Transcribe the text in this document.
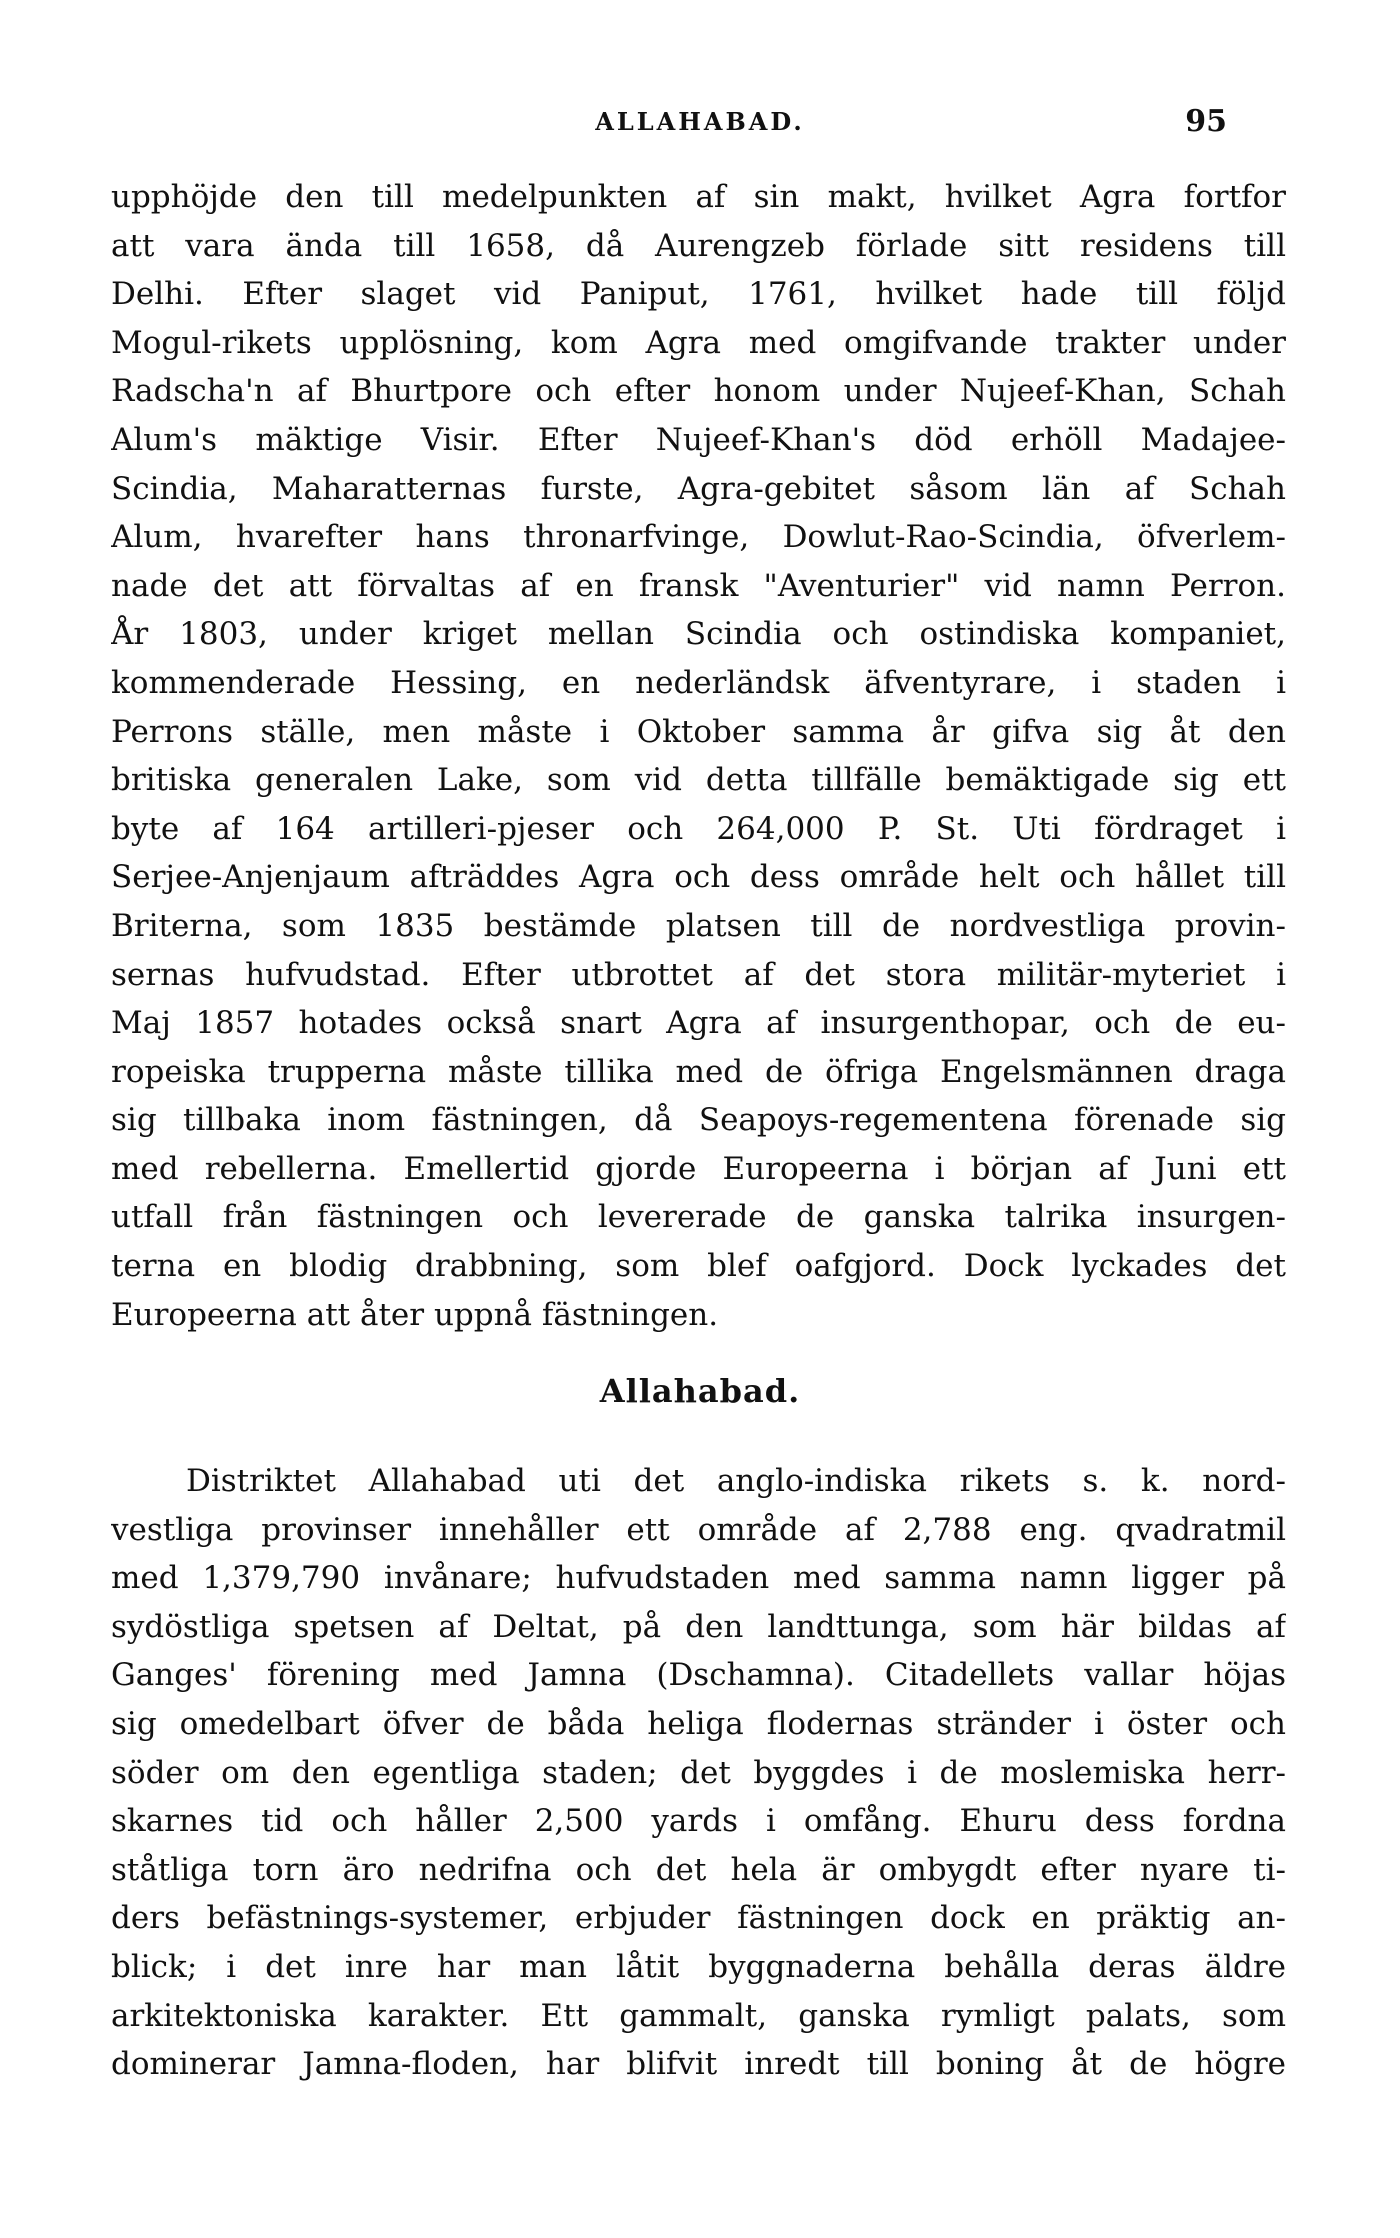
ALLAHABAD.	95
upphöjde den till medelpunkten af sin makt, hvilket Agra fortfor
att vara ända till 1658, då Aurengzeb förlade sitt residens till
Delhi. Efter slaget vid Paniput, 1761, hvilket hade till följd
Mogul-rikets upplösning, kom Agra med omgifvande trakter under
Radscha'n af Bhurtpore och efter honom under Nujeef-Khan, Schah
Alum's mäktige Visir. Efter Nujeef-Khan's död erhöll Madajee-
Scindia, Maharatternas furste, Agra-gebitet såsom län af Schah
Alum, hvarefter hans thronarfvinge, Dowlut-Rao-Scindia, öfverlem-
nade det att förvaltas af en fransk "Aventurier" vid namn Perron.
År 1803, under kriget mellan Scindia och ostindiska kompaniet,
kommenderade Hessing, en nederländsk äfventyrare, i staden i
Perrons ställe, men måste i Oktober samma år gifva sig åt den
britiska generalen Lake, som vid detta tillfälle bemäktigade sig ett
byte af 164 artilleri-pjeser och 264,000 P. St. Uti fördraget i
Serjee-Anjenjaum afträddes Agra och dess område helt och hållet till
Briterna, som 1835 bestämde platsen till de nordvestliga provin-
sernas hufvudstad. Efter utbrottet af det stora militär-myteriet i
Maj 1857 hotades också snart Agra af insurgenthopar, och de eu-
ropeiska trupperna måste tillika med de öfriga Engelsmännen draga
sig tillbaka inom fästningen, då Seapoys-regementena förenade sig
med rebellerna. Emellertid gjorde Europeerna i början af Juni ett
utfall från fästningen och levererade de ganska talrika insurgen-
terna en blodig drabbning, som blef oafgjord. Dock lyckades det
Europeerna att åter uppnå fästningen.
Allahabad.
Distriktet Allahabad uti det anglo-indiska rikets s. k. nord-
vestliga provinser innehåller ett område af 2,788 eng. qvadratmil
med 1,379,790 invånare; hufvudstaden med samma namn ligger på
sydöstliga spetsen af Deltat, på den landttunga, som här bildas af
Ganges' förening med Jamna (Dschamna). Citadellets vallar höjas
sig omedelbart öfver de båda heliga flodernas stränder i öster och
söder om den egentliga staden; det byggdes i de moslemiska herr-
skarnes tid och håller 2,500 yards i omfång. Ehuru dess fordna
ståtliga torn äro nedrifna och det hela är ombygdt efter nyare ti-
ders befästnings-systemer, erbjuder fästningen dock en präktig an-
blick; i det inre har man låtit byggnaderna behålla deras äldre
arkitektoniska karakter. Ett gammalt, ganska rymligt palats, som
dominerar Jamna-floden, har blifvit inredt till boning åt de högre
